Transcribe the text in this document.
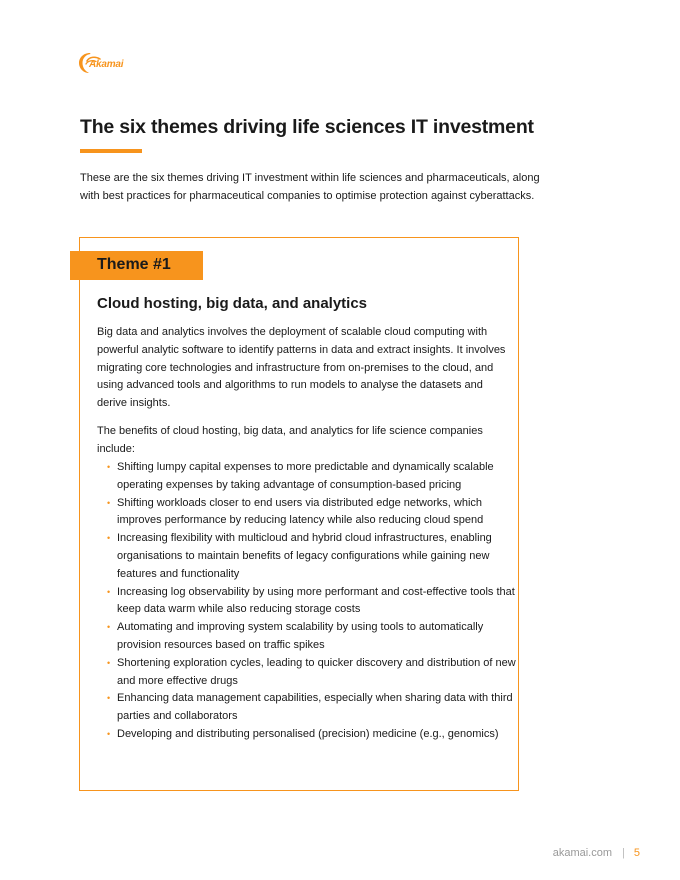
Akamai
The six themes driving life sciences IT investment

These are the six themes driving IT investment within life sciences and pharmaceuticals, along with best practices for pharmaceutical companies to optimise protection against cyberattacks.

Theme #1
Cloud hosting, big data, and analytics

Big data and analytics involves the deployment of scalable cloud computing with powerful analytic software to identify patterns in data and extract insights. It involves migrating core technologies and infrastructure from on-premises to the cloud, and using advanced tools and algorithms to run models to analyse the datasets and derive insights.

The benefits of cloud hosting, big data, and analytics for life science companies include:

• Shifting lumpy capital expenses to more predictable and dynamically scalable operating expenses by taking advantage of consumption-based pricing
• Shifting workloads closer to end users via distributed edge networks, which improves performance by reducing latency while also reducing cloud spend
• Increasing flexibility with multicloud and hybrid cloud infrastructures, enabling organisations to maintain benefits of legacy configurations while gaining new features and functionality
• Increasing log observability by using more performant and cost-effective tools that keep data warm while also reducing storage costs
• Automating and improving system scalability by using tools to automatically provision resources based on traffic spikes
• Shortening exploration cycles, leading to quicker discovery and distribution of new and more effective drugs
• Enhancing data management capabilities, especially when sharing data with third parties and collaborators
• Developing and distributing personalised (precision) medicine (e.g., genomics)
akamai.com | 5
